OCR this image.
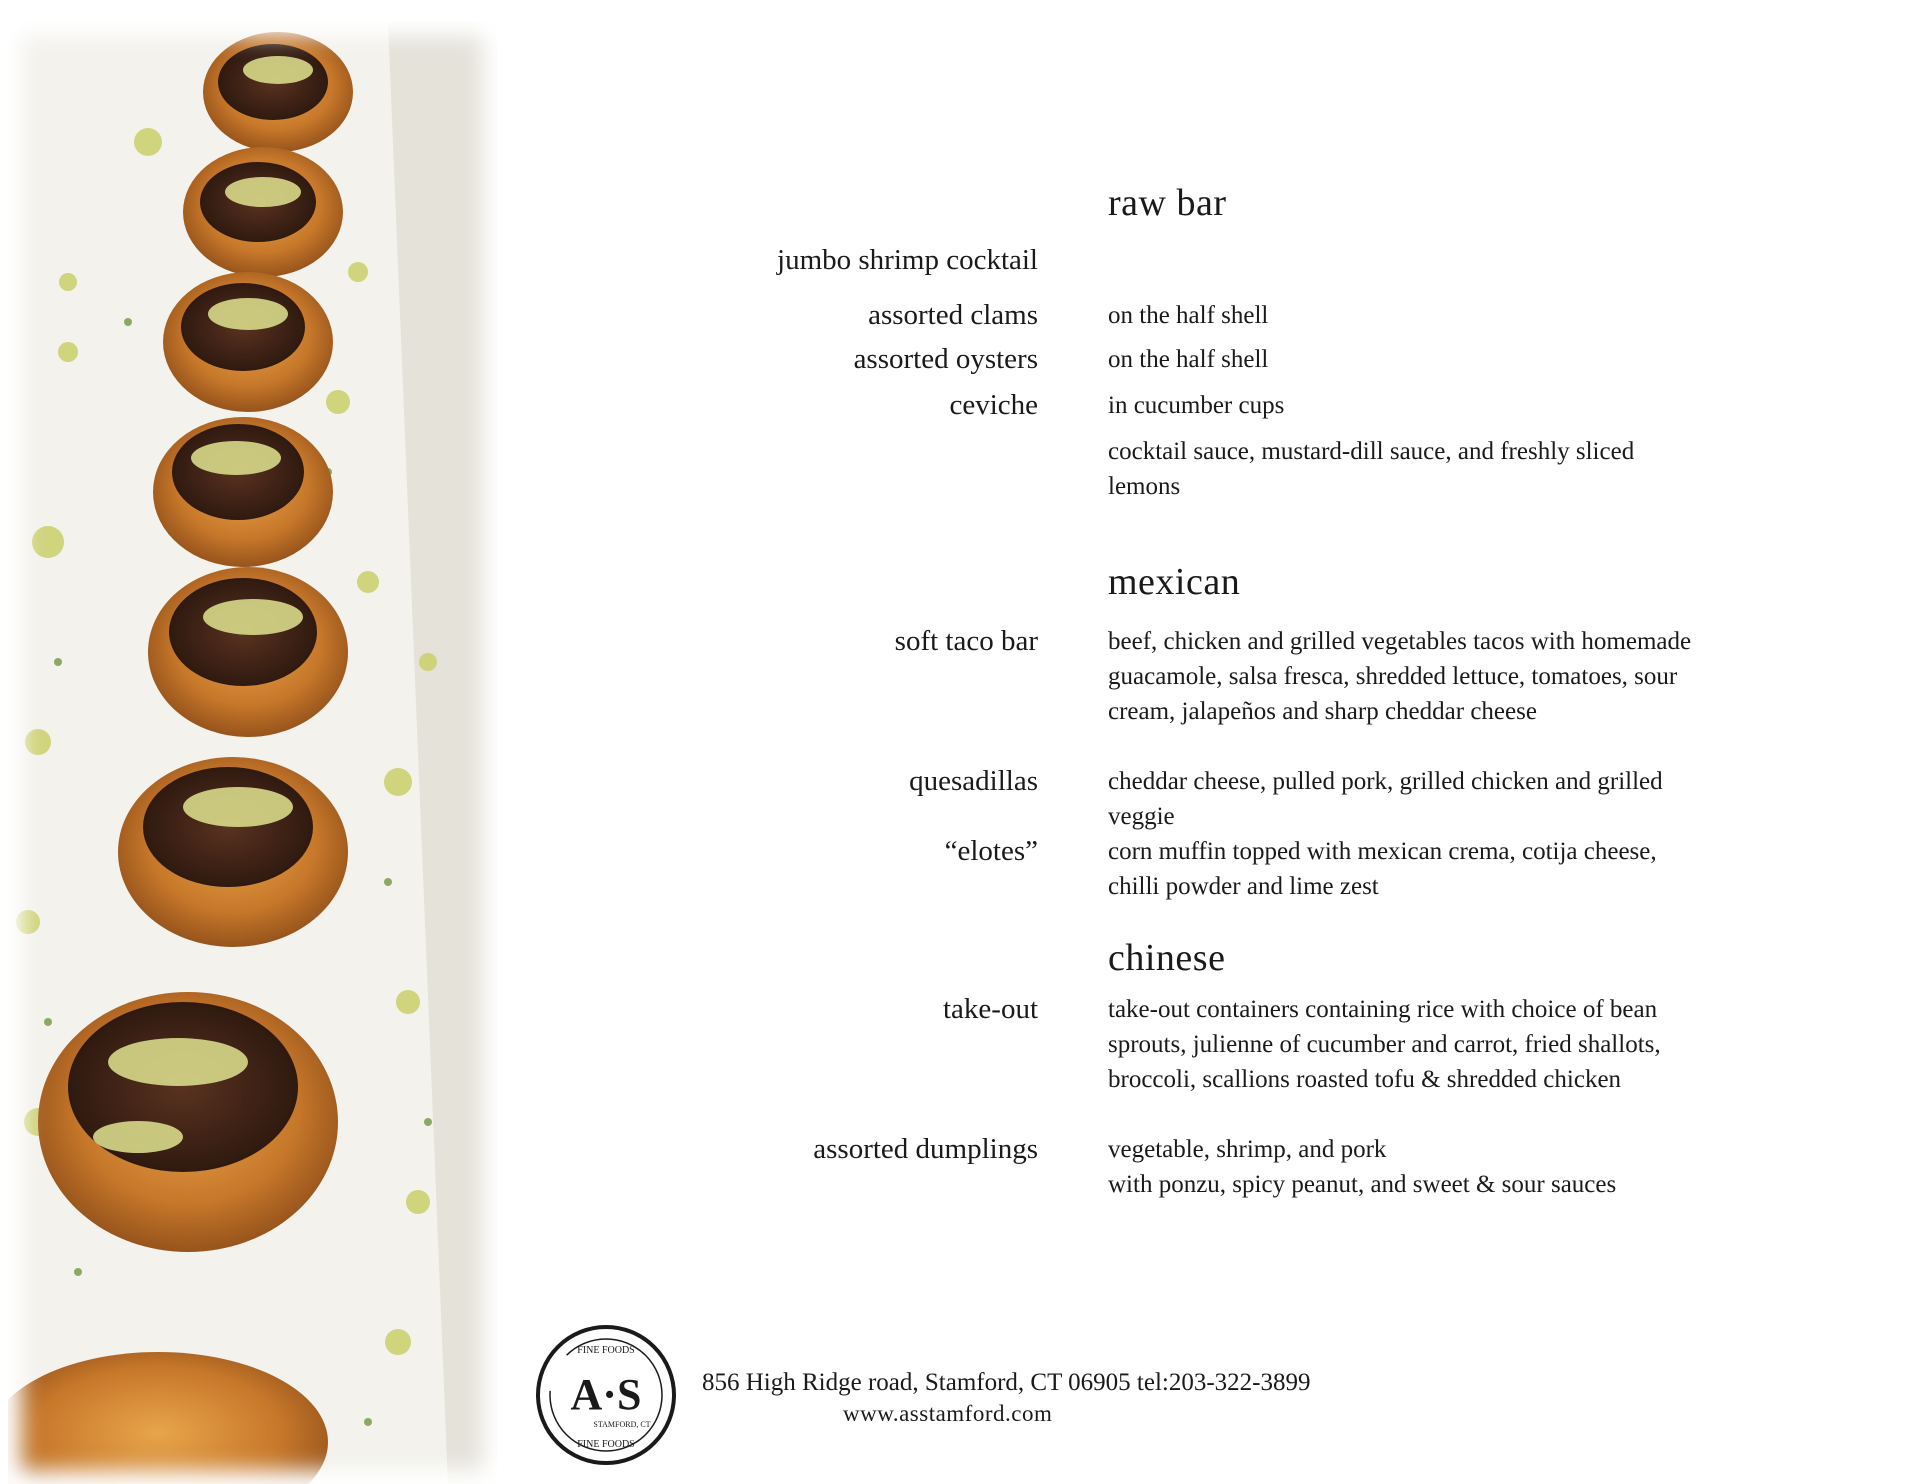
raw bar
jumbo shrimp cocktail
assorted clams	on the half shell
assorted oysters	on the half shell
ceviche	in cucumber cups
cocktail sauce, mustard-dill sauce, and freshly sliced lemons
mexican
soft taco bar	beef, chicken and grilled vegetables tacos with homemade guacamole, salsa fresca, shredded lettuce, tomatoes, sour cream, jalapeños and sharp cheddar cheese
quesadillas	cheddar cheese, pulled pork, grilled chicken and grilled veggie
“elotes”	corn muffin topped with mexican crema, cotija cheese, chilli powder and lime zest
chinese
take-out	take-out containers containing rice with choice of bean sprouts, julienne of cucumber and carrot, fried shallots, broccoli, scallions roasted tofu & shredded chicken
assorted dumplings	vegetable, shrimp, and pork
with ponzu, spicy peanut, and sweet & sour sauces
A·S
FINE FOODS
STAMFORD, CT
FINE FOODS
856 High Ridge road, Stamford, CT 06905 tel:203-322-3899
www.asstamford.com
